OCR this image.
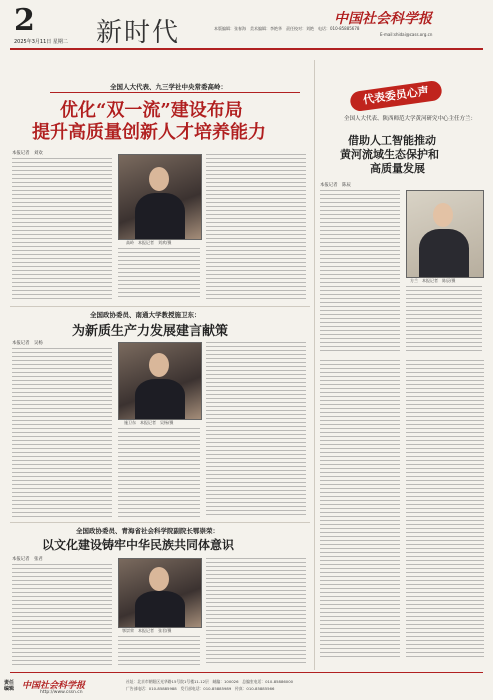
2
2025年3月11日 星期二 新时代	中国社会科学报
本版编辑：张春海　美术编辑：李艳华　责任校对：刘艳　电话：010-85885678
E-mail:shidai@cass.org.cn
全国人大代表、九三学社中央常委高岭：
优化“双一流”建设布局
提升高质量创新人才培养能力
本报记者　刘欢
高岭　本报记者　刘欢/摄
代表委员心声
全国人大代表、陕西师范大学黄河研究中心主任方兰：
借助人工智能推动
黄河流域生态保护和
高质量发展
本报记者　陈辰
方兰　本报记者　陈辰/摄
全国政协委员、南通大学教授施卫东：
为新质生产力发展建言献策
本报记者　吴杨
施卫东　本报记者　吴杨/摄
全国政协委员、青海省社会科学院副院长鄂崇荣：
以文化建设铸牢中华民族共同体意识
本报记者　张君
鄂崇荣　本报记者　张君/摄
责任编辑 中国社会科学报
http://www.cssn.cn
社址：北京市朝阳区光华路15号院1号楼11-12层　邮编：100026　总编室电话：010-85886000
广告部电话：010-85885988　发行部电话：010-85885989　传真：010-85885566
